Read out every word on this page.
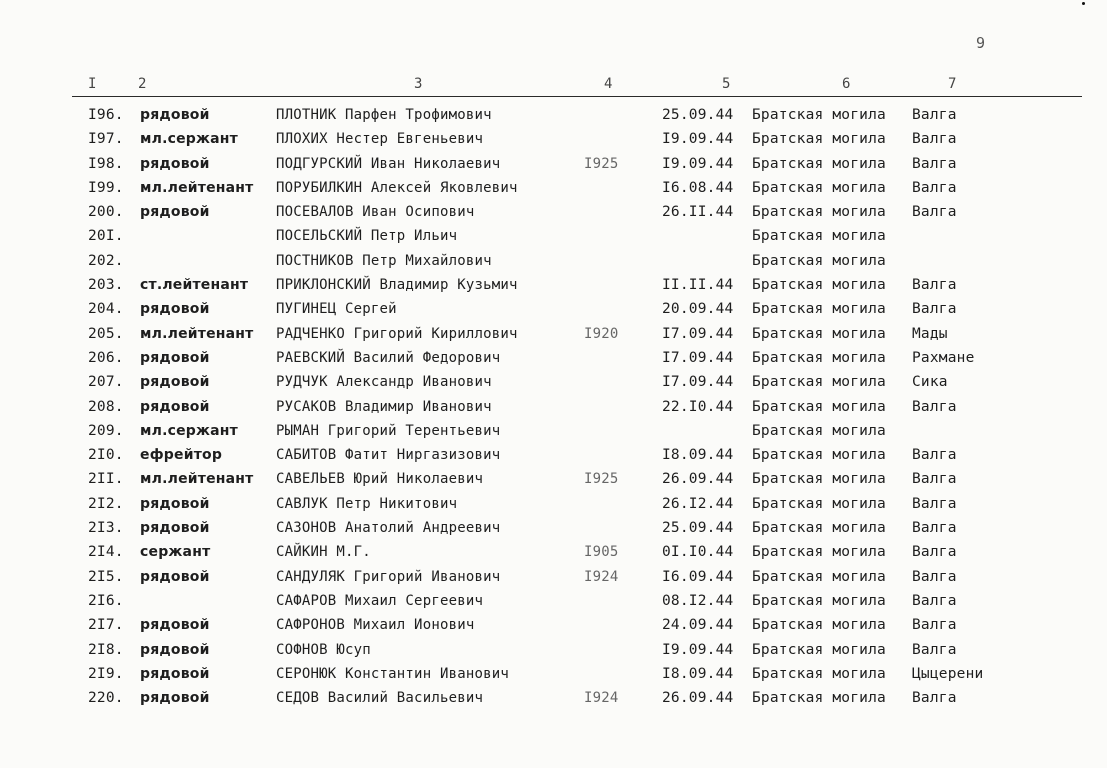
9
I	2	3	4	5	6	7
I96. рядовой	ПЛОТНИК Парфен Трофимович	25.09.44 Братская могила Валга
I97. мл.сержант	ПЛОХИХ Нестер Евгеньевич	I9.09.44 Братская могила Валга
I98. рядовой	ПОДГУРСКИЙ Иван Николаевич	I925	I9.09.44 Братская могила Валга
I99. мл.лейтенант ПОРУБИЛКИН Алексей Яковлевич	I6.08.44 Братская могила Валга
200. рядовой	ПОСЕВАЛОВ Иван Осипович	26.II.44 Братская могила Валга
20I.	ПОСЕЛЬСКИЙ Петр Ильич	Братская могила
202.	ПОСТНИКОВ Петр Михайлович	Братская могила
203. ст.лейтенант ПРИКЛОНСКИЙ Владимир Кузьмич	II.II.44 Братская могила Валга
204. рядовой	ПУГИНЕЦ Сергей	20.09.44 Братская могила Валга
205. мл.лейтенант РАДЧЕНКО Григорий Кириллович	I920	I7.09.44 Братская могила Мады
206. рядовой	РАЕВСКИЙ Василий Федорович	I7.09.44 Братская могила Рахмане
207. рядовой	РУДЧУК Александр Иванович	I7.09.44 Братская могила Сика
208. рядовой	РУСАКОВ Владимир Иванович	22.I0.44 Братская могила Валга
209. мл.сержант	РЫМАН Григорий Терентьевич	Братская могила
2I0. ефрейтор	САБИТОВ Фатит Ниргазизович	I8.09.44 Братская могила Валга
2II. мл.лейтенант САВЕЛЬЕВ Юрий Николаевич	I925	26.09.44 Братская могила Валга
2I2. рядовой	САВЛУК Петр Никитович	26.I2.44 Братская могила Валга
2I3. рядовой	САЗОНОВ Анатолий Андреевич	25.09.44 Братская могила Валга
2I4. сержант	САЙКИН М.Г.	I905	0I.I0.44 Братская могила Валга
2I5. рядовой	САНДУЛЯК Григорий Иванович	I924	I6.09.44 Братская могила Валга
2I6.	САФАРОВ Михаил Сергеевич	08.I2.44 Братская могила Валга
2I7. рядовой	САФРОНОВ Михаил Ионович	24.09.44 Братская могила Валга
2I8. рядовой	СОФНОВ Юсуп	I9.09.44 Братская могила Валга
2I9. рядовой	СЕРОНЮК Константин Иванович	I8.09.44 Братская могила Цыцерени
220. рядовой	СЕДОВ Василий Васильевич	I924	26.09.44 Братская могила Валга
